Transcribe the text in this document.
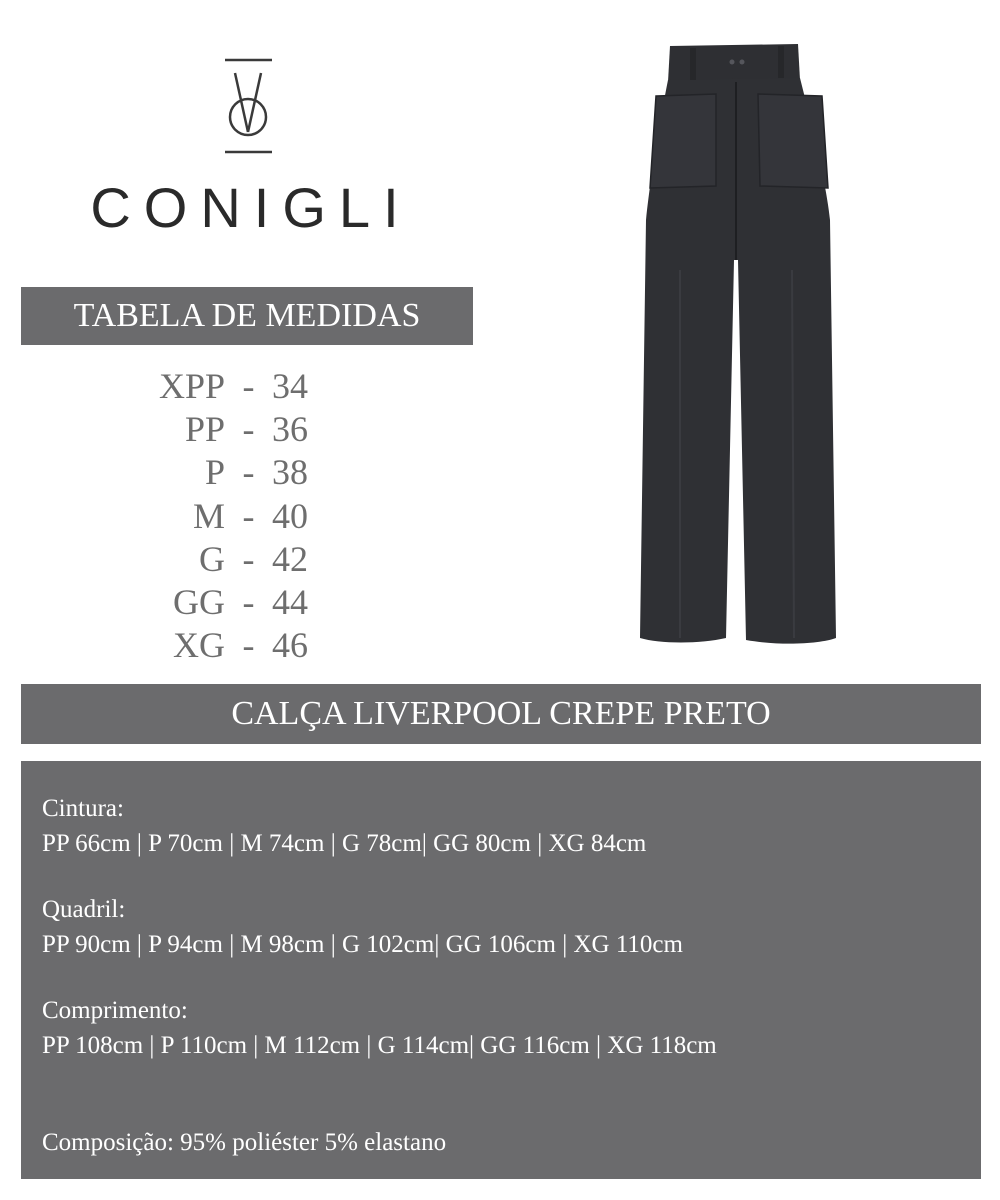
CONIGLI
TABELA DE MEDIDAS
XPP - 34
PP - 36
P - 38
M - 40
G - 42
GG - 44
XG - 46
CALÇA LIVERPOOL CREPE PRETO
Cintura:
PP 66cm | P 70cm | M 74cm | G 78cm| GG 80cm | XG 84cm
Quadril:
PP 90cm | P 94cm | M 98cm | G 102cm| GG 106cm | XG 110cm
Comprimento:
PP 108cm | P 110cm | M 112cm | G 114cm| GG 116cm | XG 118cm
Composição: 95% poliéster 5% elastano
